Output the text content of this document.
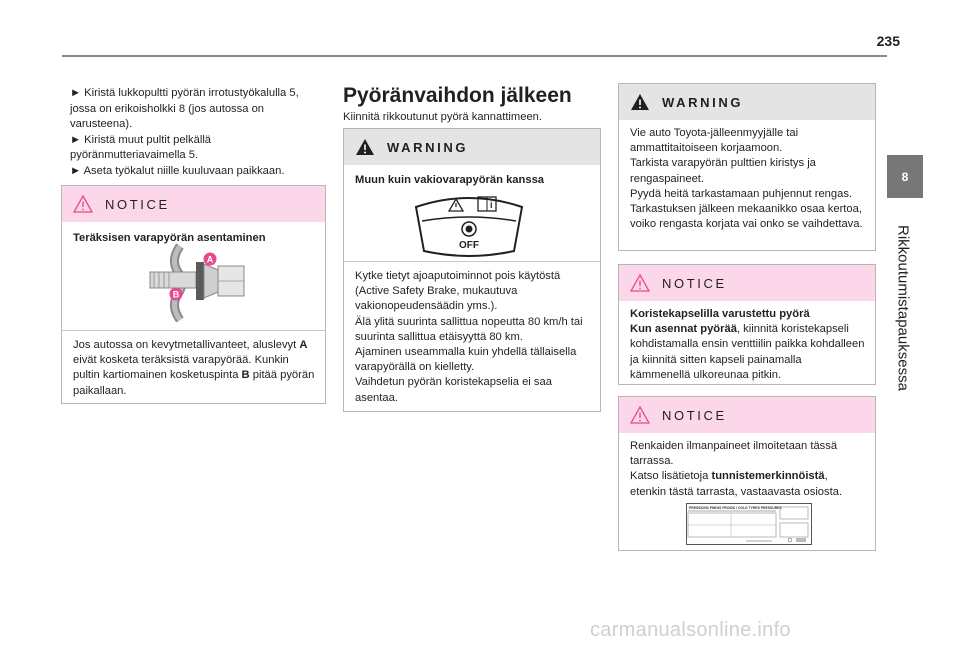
235
8
Rikkoutumistapauksessa
► Kiristä lukkopultti pyörän irrotustyökalulla 5, jossa on erikoisholkki 8 (jos autossa on varusteena).
► Kiristä muut pultit pelkällä pyöränmutteriavaimella 5.
► Aseta työkalut niille kuuluvaan paikkaan.
NOTICE

Teräksisen varapyörän asentaminen

A
B

Jos autossa on kevytmetallivanteet, aluslevyt A eivät kosketa teräksistä varapyörää. Kunkin pultin kartiomainen kosketuspinta B pitää pyörän paikallaan.

Pyöränvaihdon jälkeen
Kiinnitä rikkoutunut pyörä kannattimeen.
WARNING

Muun kuin vakiovarapyörän kanssa

i
OFF

Kytke tietyt ajoaputoiminnot pois käytöstä (Active Safety Brake, mukautuva vakionopeudensäädin yms.).

Älä ylitä suurinta sallittua nopeutta 80 km/h tai suurinta sallittua etäisyyttä 80 km.

Ajaminen useammalla kuin yhdellä tällaisella varapyörällä on kielletty.

Vaihdetun pyörän koristekapselia ei saa asentaa.

WARNING

Vie auto Toyota-jälleenmyyjälle tai ammattitaitoiseen korjaamoon.

Tarkista varapyörän pulttien kiristys ja rengaspaineet.

Pyydä heitä tarkastamaan puhjennut rengas. Tarkastuksen jälkeen mekaanikko osaa kertoa, voiko rengasta korjata vai onko se vaihdettava.

NOTICE

Koristekapselilla varustettu pyörä

Kun asennat pyörää, kiinnitä koristekapseli kohdistamalla ensin venttiilin paikka kohdalleen ja kiinnitä sitten kapseli painamalla kämmenellä ulkoreunaa pitkin.

NOTICE

Renkaiden ilmanpaineet ilmoitetaan tässä tarrassa.

Katso lisätietoja tunnistemerkinnöistä, etenkin tästä tarrasta, vastaavasta osiosta.

PRESSIONS PNEUS FROIDS / COLD TYRES PRESSURES
carmanualsonline.info
